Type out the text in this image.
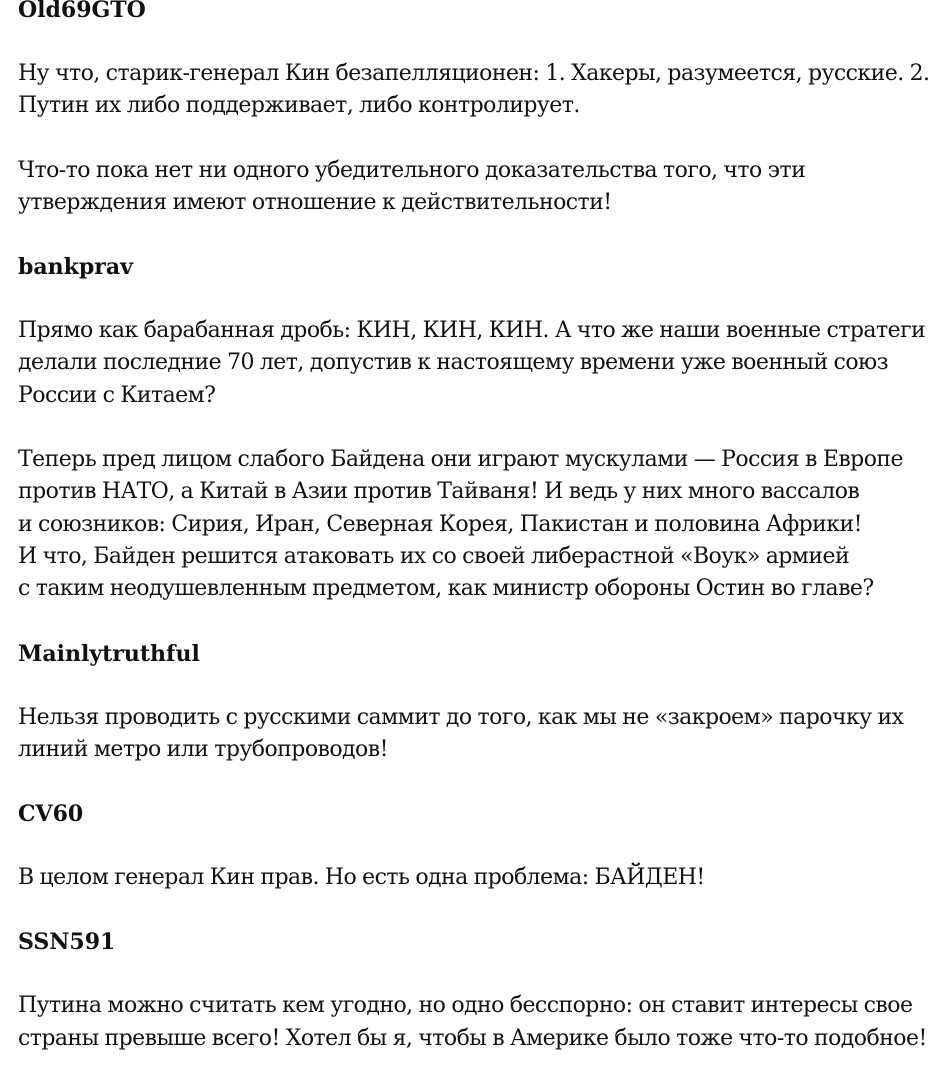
Old69GTO

Ну что, старик-генерал Кин безапелляционен: 1. Хакеры, разумеется, русские. 2.
Путин их либо поддерживает, либо контролирует.

Что-то пока нет ни одного убедительного доказательства того, что эти
утверждения имеют отношение к действительности!

bankprav

Прямо как барабанная дробь: КИН, КИН, КИН. А что же наши военные стратеги
делали последние 70 лет, допустив к настоящему времени уже военный союз
России с Китаем?

Теперь пред лицом слабого Байдена они играют мускулами — Россия в Европе
против НАТО, а Китай в Азии против Тайваня! И ведь у них много вассалов
и союзников: Сирия, Иран, Северная Корея, Пакистан и половина Африки!
И что, Байден решится атаковать их со своей либерастной «Воук» армией
с таким неодушевленным предметом, как министр обороны Остин во главе?

Mainlytruthful

Нельзя проводить с русскими саммит до того, как мы не «закроем» парочку их
линий метро или трубопроводов!

CV60

В целом генерал Кин прав. Но есть одна проблема: БАЙДЕН!

SSN591

Путина можно считать кем угодно, но одно бесспорно: он ставит интересы свое
страны превыше всего! Хотел бы я, чтобы в Америке было тоже что-то подобное!
